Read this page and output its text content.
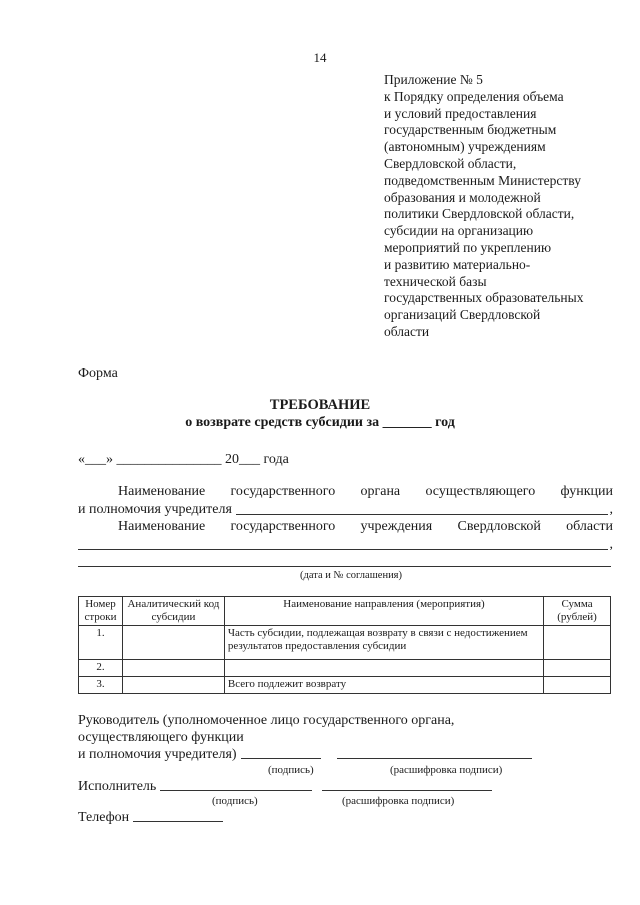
14
Приложение № 5
к Порядку определения объема
и условий предоставления
государственным бюджетным
(автономным) учреждениям
Свердловской области,
подведомственным Министерству
образования и молодежной
политики Свердловской области,
субсидии на организацию
мероприятий по укреплению
и развитию материально-
технической базы
государственных образовательных
организаций Свердловской
области
Форма
ТРЕБОВАНИЕ
о возврате средств субсидии за _______ год
«___» _______________ 20___ года
Наименование государственного органа осуществляющего функции
и полномочия учредителя	,
Наименование государственного учреждения Свердловской области
,
(дата и № соглашения)
Номер строки	Аналитический код субсидии	Наименование направления (мероприятия)	Сумма (рублей)
1.		Часть субсидии, подлежащая возврату в связи с недостижением результатов предоставления субсидии	
2.			
3.		Всего подлежит возврату	
Руководитель (уполномоченное лицо государственного органа,
осуществляющего функции
и полномочия учредителя)
(подпись)	(расшифровка подписи)
Исполнитель
(подпись)	(расшифровка подписи)
Телефон
